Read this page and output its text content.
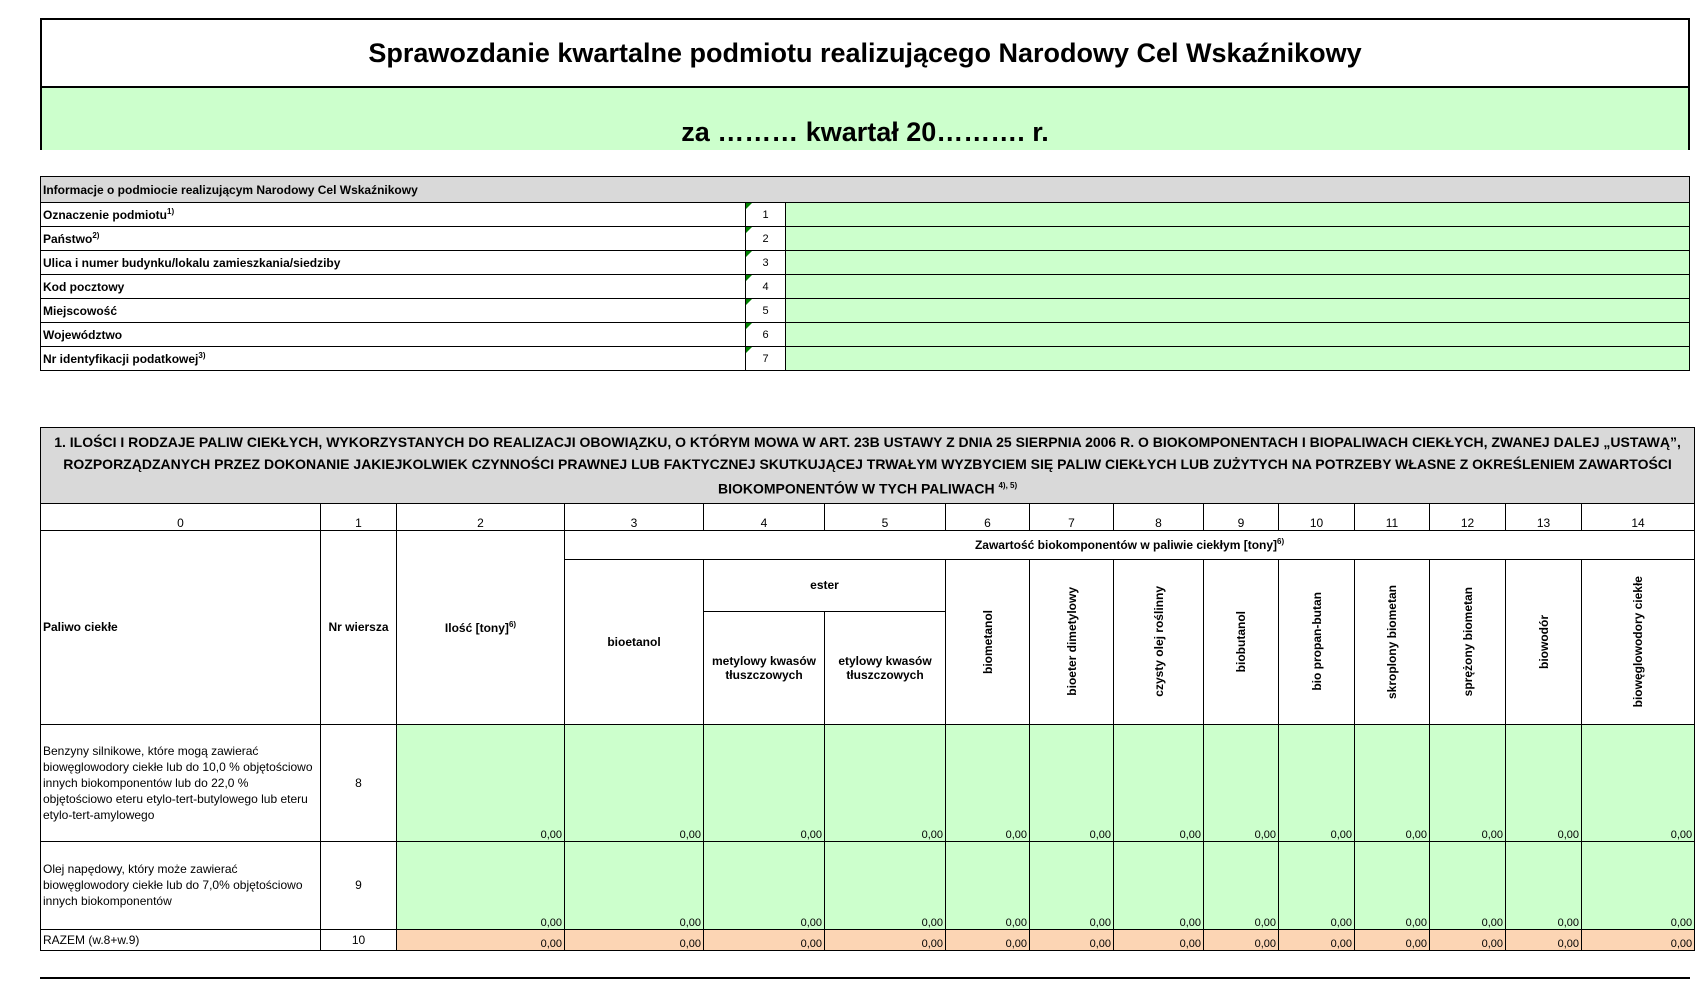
Sprawozdanie kwartalne podmiotu realizującego Narodowy Cel Wskaźnikowy
za ……… kwartał 20………. r.
Informacje o podmiocie realizującym Narodowy Cel Wskaźnikowy		
Oznaczenie podmiotu$^{1)}$	1	
Państwo$^{2)}$	2	
Ulica i numer budynku/lokalu zamieszkania/siedziby	3	
Kod pocztowy	4	
Miejscowość	5	
Województwo	6	
Nr identyfikacji podatkowej$^{3)}$	7	
1. ILOŚCI I RODZAJE PALIW CIEKŁYCH, WYKORZYSTANYCH DO REALIZACJI OBOWIĄZKU, O KTÓRYM MOWA W ART. 23B USTAWY Z DNIA 25 SIERPNIA 2006 R. O BIOKOMPONENTACH I BIOPALIWACH CIEKŁYCH, ZWANEJ DALEJ „USTAWĄ”, ROZPORZĄDZANYCH PRZEZ DOKONANIE JAKIEJKOLWIEK CZYNNOŚCI PRAWNEJ LUB FAKTYCZNEJ SKUTKUJĄCEJ TRWAŁYM WYZBYCIEM SIĘ PALIW CIEKŁYCH LUB ZUŻYTYCH NA POTRZEBY WŁASNE Z OKREŚLENIEM ZAWARTOŚCI BIOKOMPONENTÓW W TYCH PALIWACH $^{4), 5)}$
0	1	2	3	4	5	6	7	8	9	10	11	12	13	14
Paliwo ciekłe	Nr wiersza	Ilość [tony]$^{6)}$	Zawartość biokomponentów w paliwie ciekłym [tony]$^{6)}$
			bioetanol	ester		biometanol	bioeter dimetylowy	czysty olej roślinny	biobutanol	bio propan-butan	skroplony biometan	sprężony biometan	biowodór	biowęglowodory ciekłe

				metylowy kwasów tłuszczowych	etylowy kwasów tłuszczowych									

Benzyny silnikowe, które mogą zawierać biowęglowodory ciekłe lub do 10,0 % objętościowo innych biokomponentów lub do 22,0 % objętościowo eteru etylo-tert-butylowego lub eteru etylo-tert-amylowego	8	0,00	0,00	0,00	0,00	0,00	0,00	0,00	0,00	0,00	0,00	0,00	0,00	0,00
Olej napędowy, który może zawierać biowęglowodory ciekłe lub do 7,0% objętościowo innych biokomponentów	9	0,00	0,00	0,00	0,00	0,00	0,00	0,00	0,00	0,00	0,00	0,00	0,00	0,00
RAZEM (w.8+w.9)	10	0,00	0,00	0,00	0,00	0,00	0,00	0,00	0,00	0,00	0,00	0,00	0,00	0,00
